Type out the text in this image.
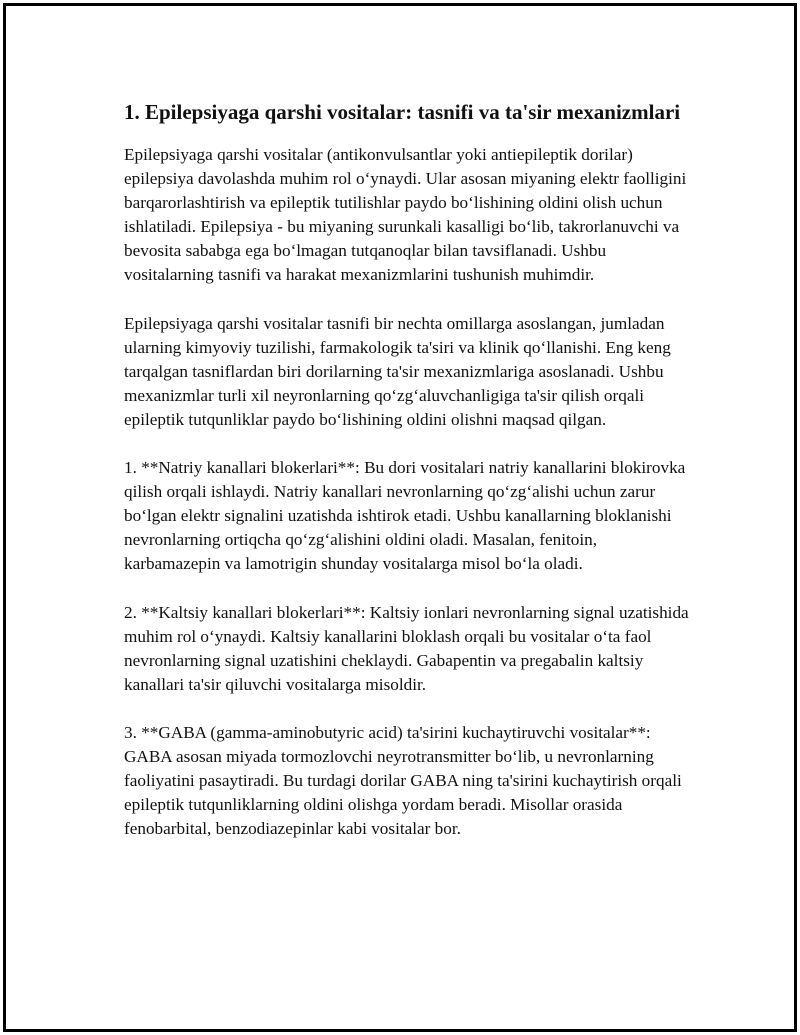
1. Epilepsiyaga qarshi vositalar: tasnifi va ta'sir mexanizmlari

Epilepsiyaga qarshi vositalar (antikonvulsantlar yoki antiepileptik dorilar) epilepsiya davolashda muhim rol o‘ynaydi. Ular asosan miyaning elektr faolligini barqarorlashtirish va epileptik tutilishlar paydo bo‘lishining oldini olish uchun ishlatiladi. Epilepsiya - bu miyaning surunkali kasalligi bo‘lib, takrorlanuvchi va bevosita sababga ega bo‘lmagan tutqanoqlar bilan tavsiflanadi. Ushbu vositalarning tasnifi va harakat mexanizmlarini tushunish muhimdir.

Epilepsiyaga qarshi vositalar tasnifi bir nechta omillarga asoslangan, jumladan ularning kimyoviy tuzilishi, farmakologik ta'siri va klinik qo‘llanishi. Eng keng tarqalgan tasniflardan biri dorilarning ta'sir mexanizmlariga asoslanadi. Ushbu mexanizmlar turli xil neyronlarning qo‘zg‘aluvchanligiga ta'sir qilish orqali epileptik tutqunliklar paydo bo‘lishining oldini olishni maqsad qilgan.

1. **Natriy kanallari blokerlari**: Bu dori vositalari natriy kanallarini blokirovka qilish orqali ishlaydi. Natriy kanallari nevronlarning qo‘zg‘alishi uchun zarur bo‘lgan elektr signalini uzatishda ishtirok etadi. Ushbu kanallarning bloklanishi nevronlarning ortiqcha qo‘zg‘alishini oldini oladi. Masalan, fenitoin, karbamazepin va lamotrigin shunday vositalarga misol bo‘la oladi.

2. **Kaltsiy kanallari blokerlari**: Kaltsiy ionlari nevronlarning signal uzatishida muhim rol o‘ynaydi. Kaltsiy kanallarini bloklash orqali bu vositalar o‘ta faol nevronlarning signal uzatishini cheklaydi. Gabapentin va pregabalin kaltsiy kanallari ta'sir qiluvchi vositalarga misoldir.

3. **GABA (gamma-aminobutyric acid) ta'sirini kuchaytiruvchi vositalar**: GABA asosan miyada tormozlovchi neyrotransmitter bo‘lib, u nevronlarning faoliyatini pasaytiradi. Bu turdagi dorilar GABA ning ta'sirini kuchaytirish orqali epileptik tutqunliklarning oldini olishga yordam beradi. Misollar orasida fenobarbital, benzodiazepinlar kabi vositalar bor.
